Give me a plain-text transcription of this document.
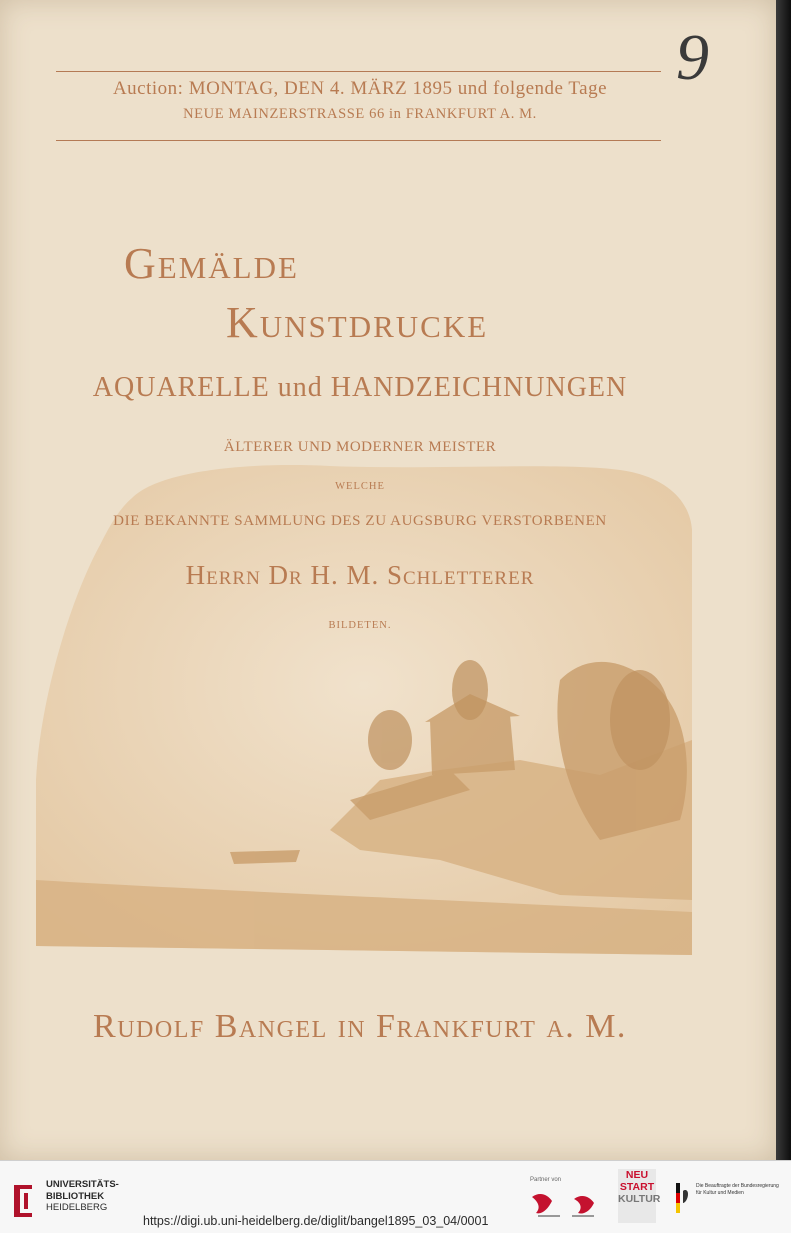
Auction: MONTAG, DEN 4. MÄRZ 1895 und folgende Tage
NEUE MAINZERSTRASSE 66 in FRANKFURT A. M.
9
Gemälde
Kunstdrucke
AQUARELLE und HANDZEICHNUNGEN
ÄLTERER UND MODERNER MEISTER
WELCHE
DIE BEKANNTE SAMMLUNG DES ZU AUGSBURG VERSTORBENEN
Herrn Dr H. M. Schletterer
BILDETEN.
Rudolf Bangel in Frankfurt a. M.
UNIVERSITÄTS-
BIBLIOTHEK
HEIDELBERG
Partner von	NEU
START
KULTUR
Die Beauftragte der Bundesregierung für Kultur und Medien
https://digi.ub.uni-heidelberg.de/diglit/bangel1895_03_04/0001
